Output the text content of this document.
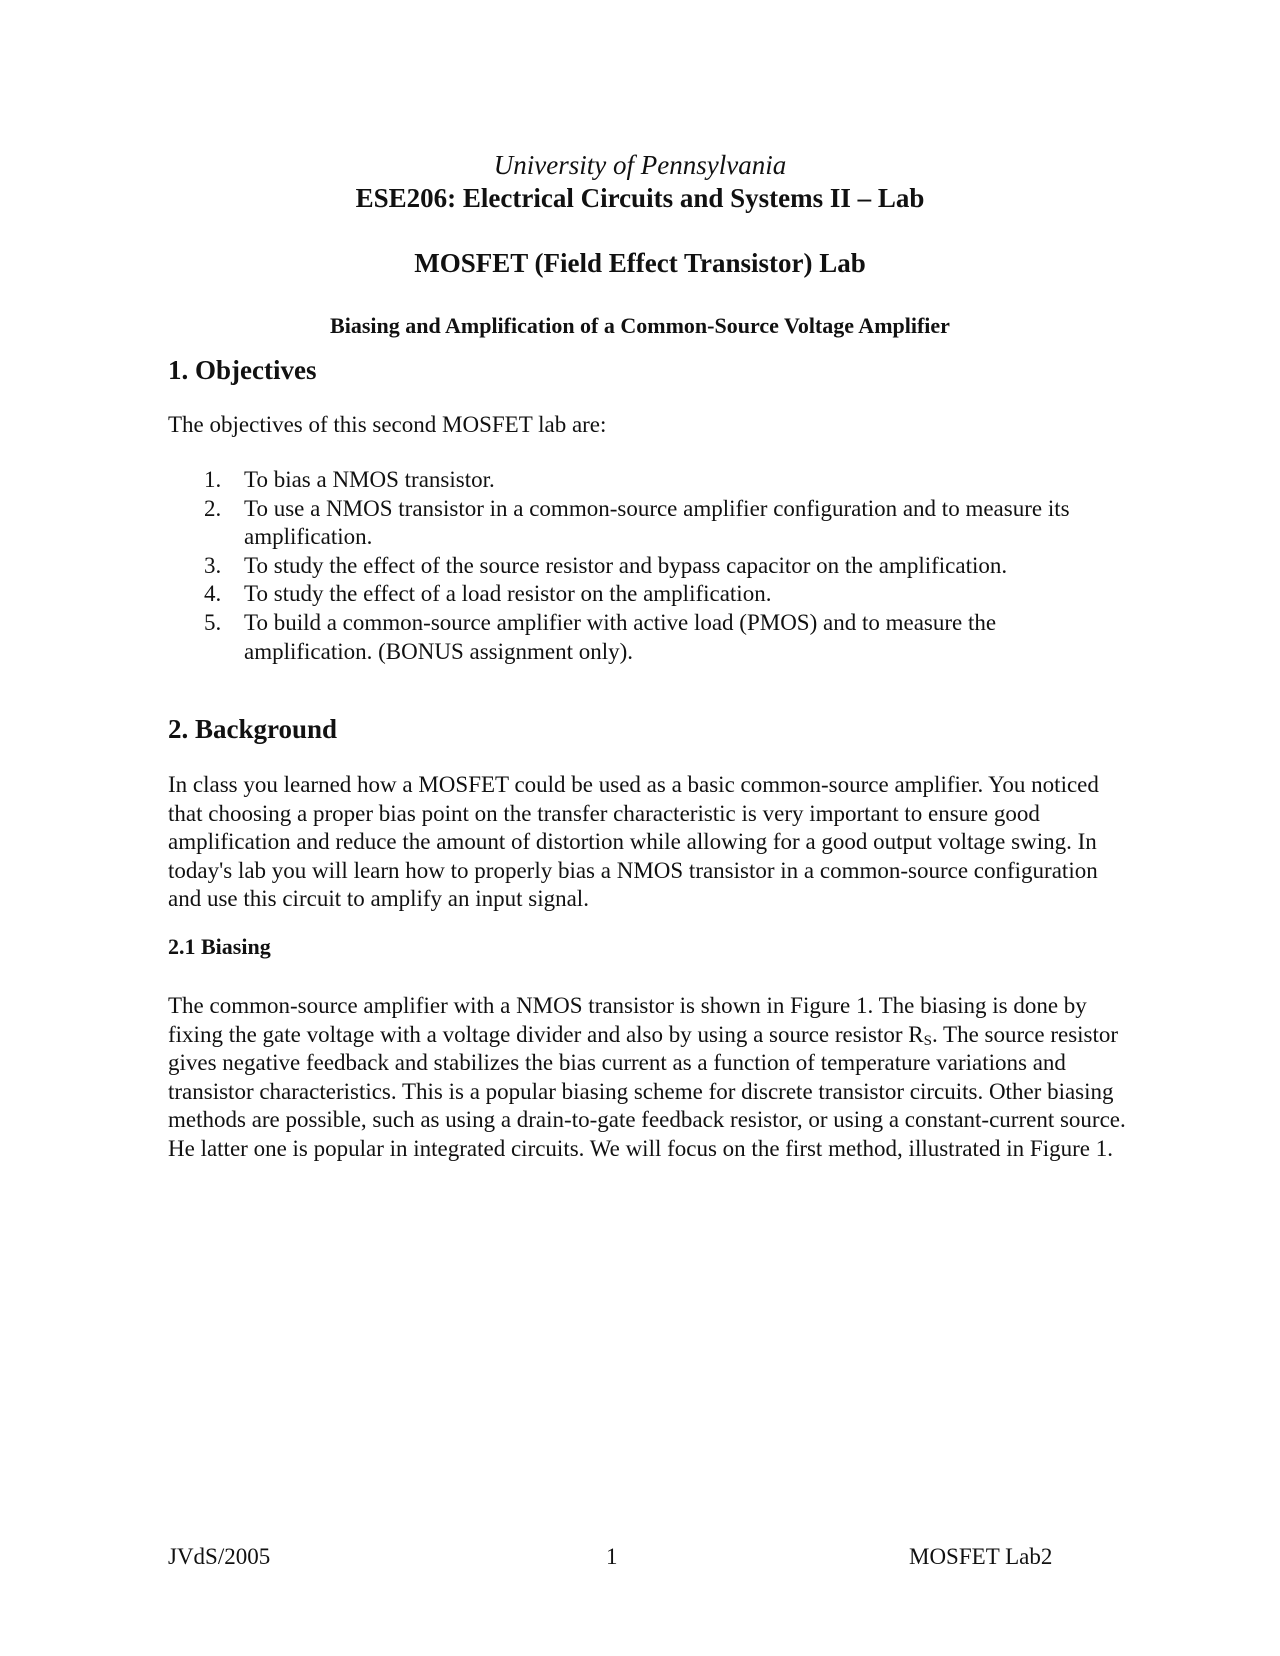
University of Pennsylvania
ESE206: Electrical Circuits and Systems II – Lab
MOSFET (Field Effect Transistor) Lab
Biasing and Amplification of a Common-Source Voltage Amplifier
1. Objectives

The objectives of this second MOSFET lab are:

1. To bias a NMOS transistor.
2. To use a NMOS transistor in a common-source amplifier configuration and to measure its amplification.
3. To study the effect of the source resistor and bypass capacitor on the amplification.
4. To study the effect of a load resistor on the amplification.
5. To build a common-source amplifier with active load (PMOS) and to measure the amplification. (BONUS assignment only).
2. Background

In class you learned how a MOSFET could be used as a basic common-source amplifier. You noticed that choosing a proper bias point on the transfer characteristic is very important to ensure good amplification and reduce the amount of distortion while allowing for a good output voltage swing. In today's lab you will learn how to properly bias a NMOS transistor in a common-source configuration and use this circuit to amplify an input signal.

2.1 Biasing

The common-source amplifier with a NMOS transistor is shown in Figure 1. The biasing is done by fixing the gate voltage with a voltage divider and also by using a source resistor $R_S$. The source resistor gives negative feedback and stabilizes the bias current as a function of temperature variations and transistor characteristics. This is a popular biasing scheme for discrete transistor circuits. Other biasing methods are possible, such as using a drain-to-gate feedback resistor, or using a constant-current source. He latter one is popular in integrated circuits. We will focus on the first method, illustrated in Figure 1.

JVdS/2005	1	MOSFET Lab2
